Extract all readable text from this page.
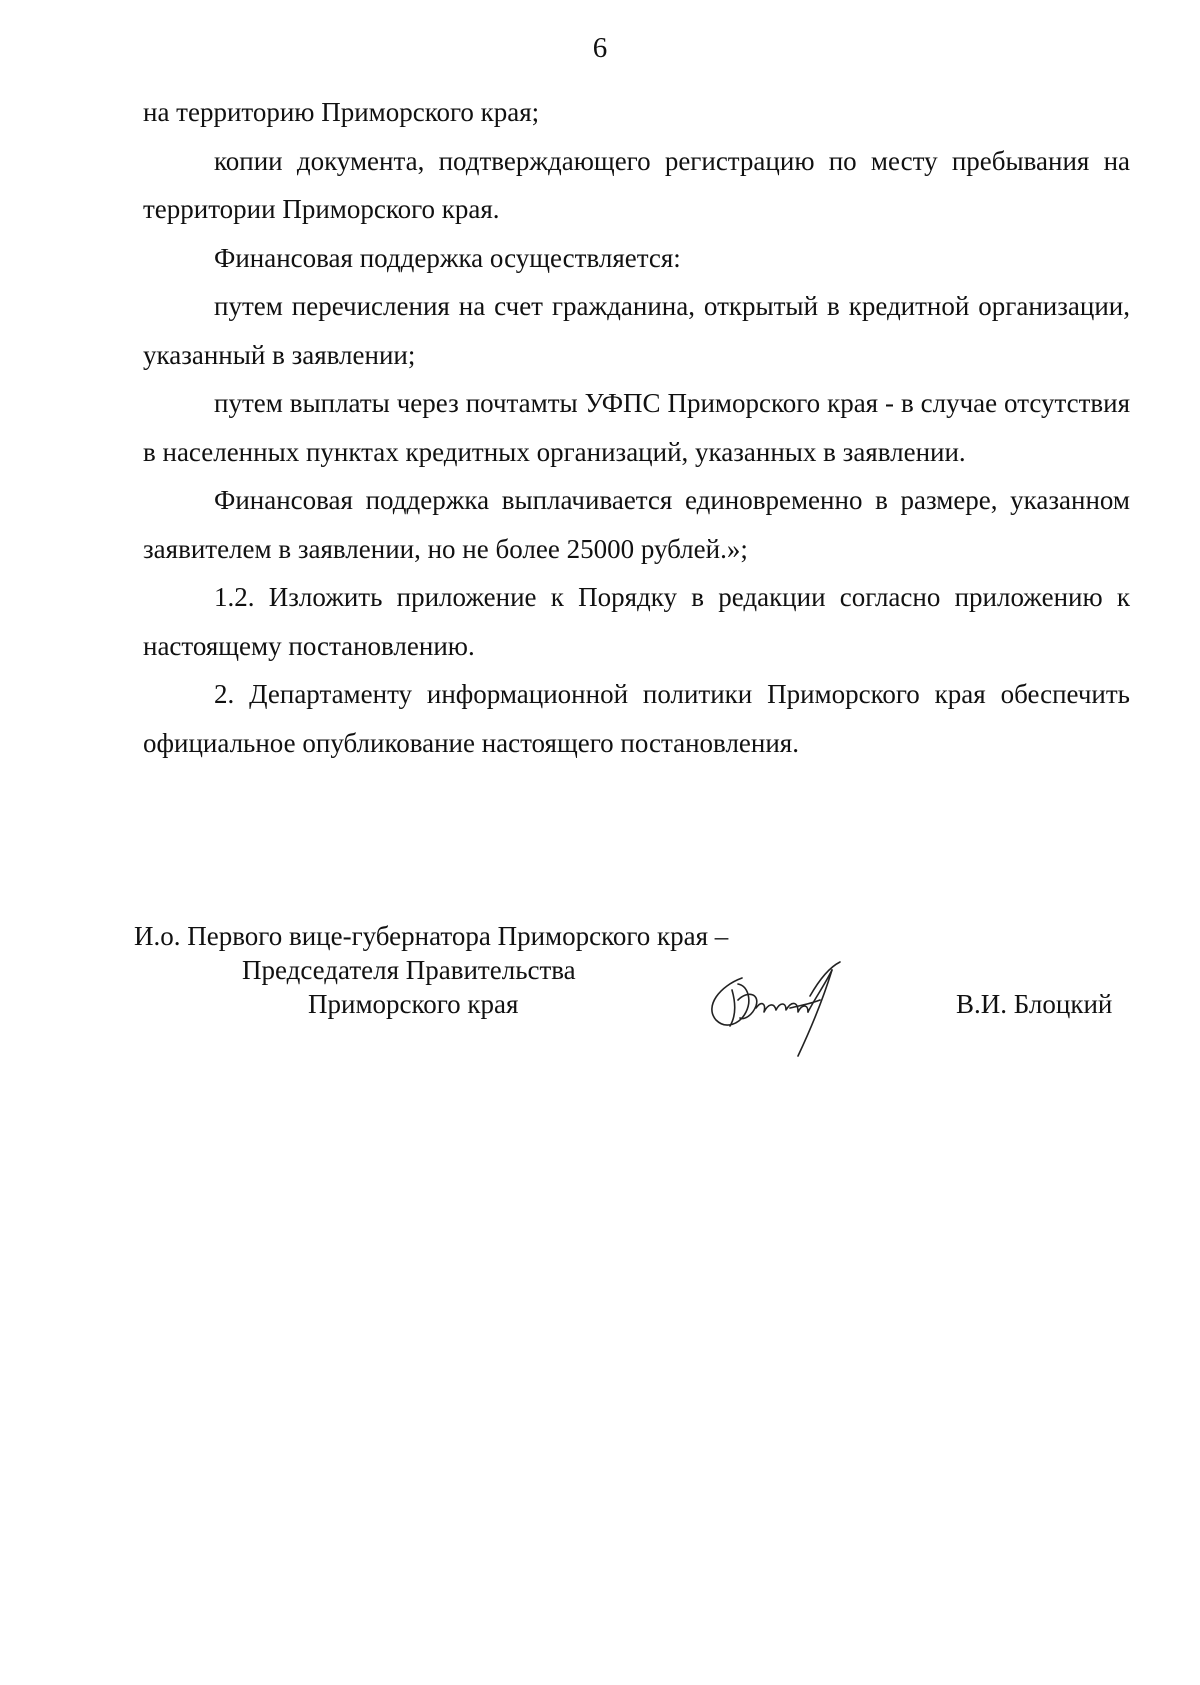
6

на территорию Приморского края;

копии документа, подтверждающего регистрацию по месту пребывания на территории Приморского края.

Финансовая поддержка осуществляется:

путем перечисления на счет гражданина, открытый в кредитной организации, указанный в заявлении;

путем выплаты через почтамты УФПС Приморского края - в случае отсутствия в населенных пунктах кредитных организаций, указанных в заявлении.

Финансовая поддержка выплачивается единовременно в размере, указанном заявителем в заявлении, но не более 25000 рублей.»;

1.2. Изложить приложение к Порядку в редакции согласно приложению к настоящему постановлению.

2. Департаменту информационной политики Приморского края обеспечить официальное опубликование настоящего постановления.

И.о. Первого вице-губернатора Приморского края –
Председателя Правительства
Приморского края	В.И. Блоцкий
